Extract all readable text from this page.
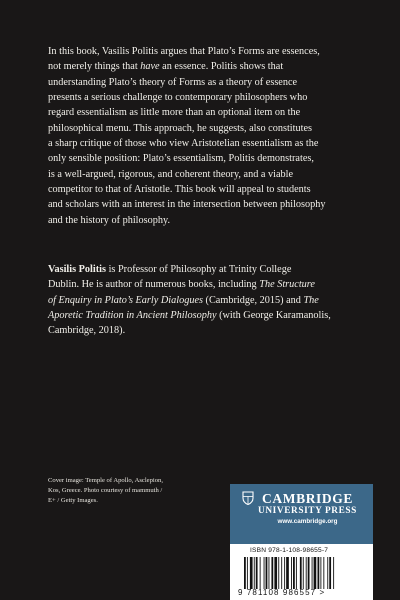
In this book, Vasilis Politis argues that Plato’s Forms are essences,

not merely things that have an essence. Politis shows that

understanding Plato’s theory of Forms as a theory of essence

presents a serious challenge to contemporary philosophers who

regard essentialism as little more than an optional item on the

philosophical menu. This approach, he suggests, also constitutes

a sharp critique of those who view Aristotelian essentialism as the

only sensible position: Plato’s essentialism, Politis demonstrates,

is a well-argued, rigorous, and coherent theory, and a viable

competitor to that of Aristotle. This book will appeal to students

and scholars with an interest in the intersection between philosophy

and the history of philosophy.

Vasilis Politis is Professor of Philosophy at Trinity College

Dublin. He is author of numerous books, including The Structure

of Enquiry in Plato’s Early Dialogues (Cambridge, 2015) and The

Aporetic Tradition in Ancient Philosophy (with George Karamanolis,

Cambridge, 2018).

Cover image: Temple of Apollo, Asclepion,
Kos, Greece. Photo courtesy of mammuth /
E+ / Getty Images.	CAMBRIDGE
UNIVERSITY PRESS
www.cambridge.org
ISBN 978-1-108-98655-7
9 781108 986557 >
